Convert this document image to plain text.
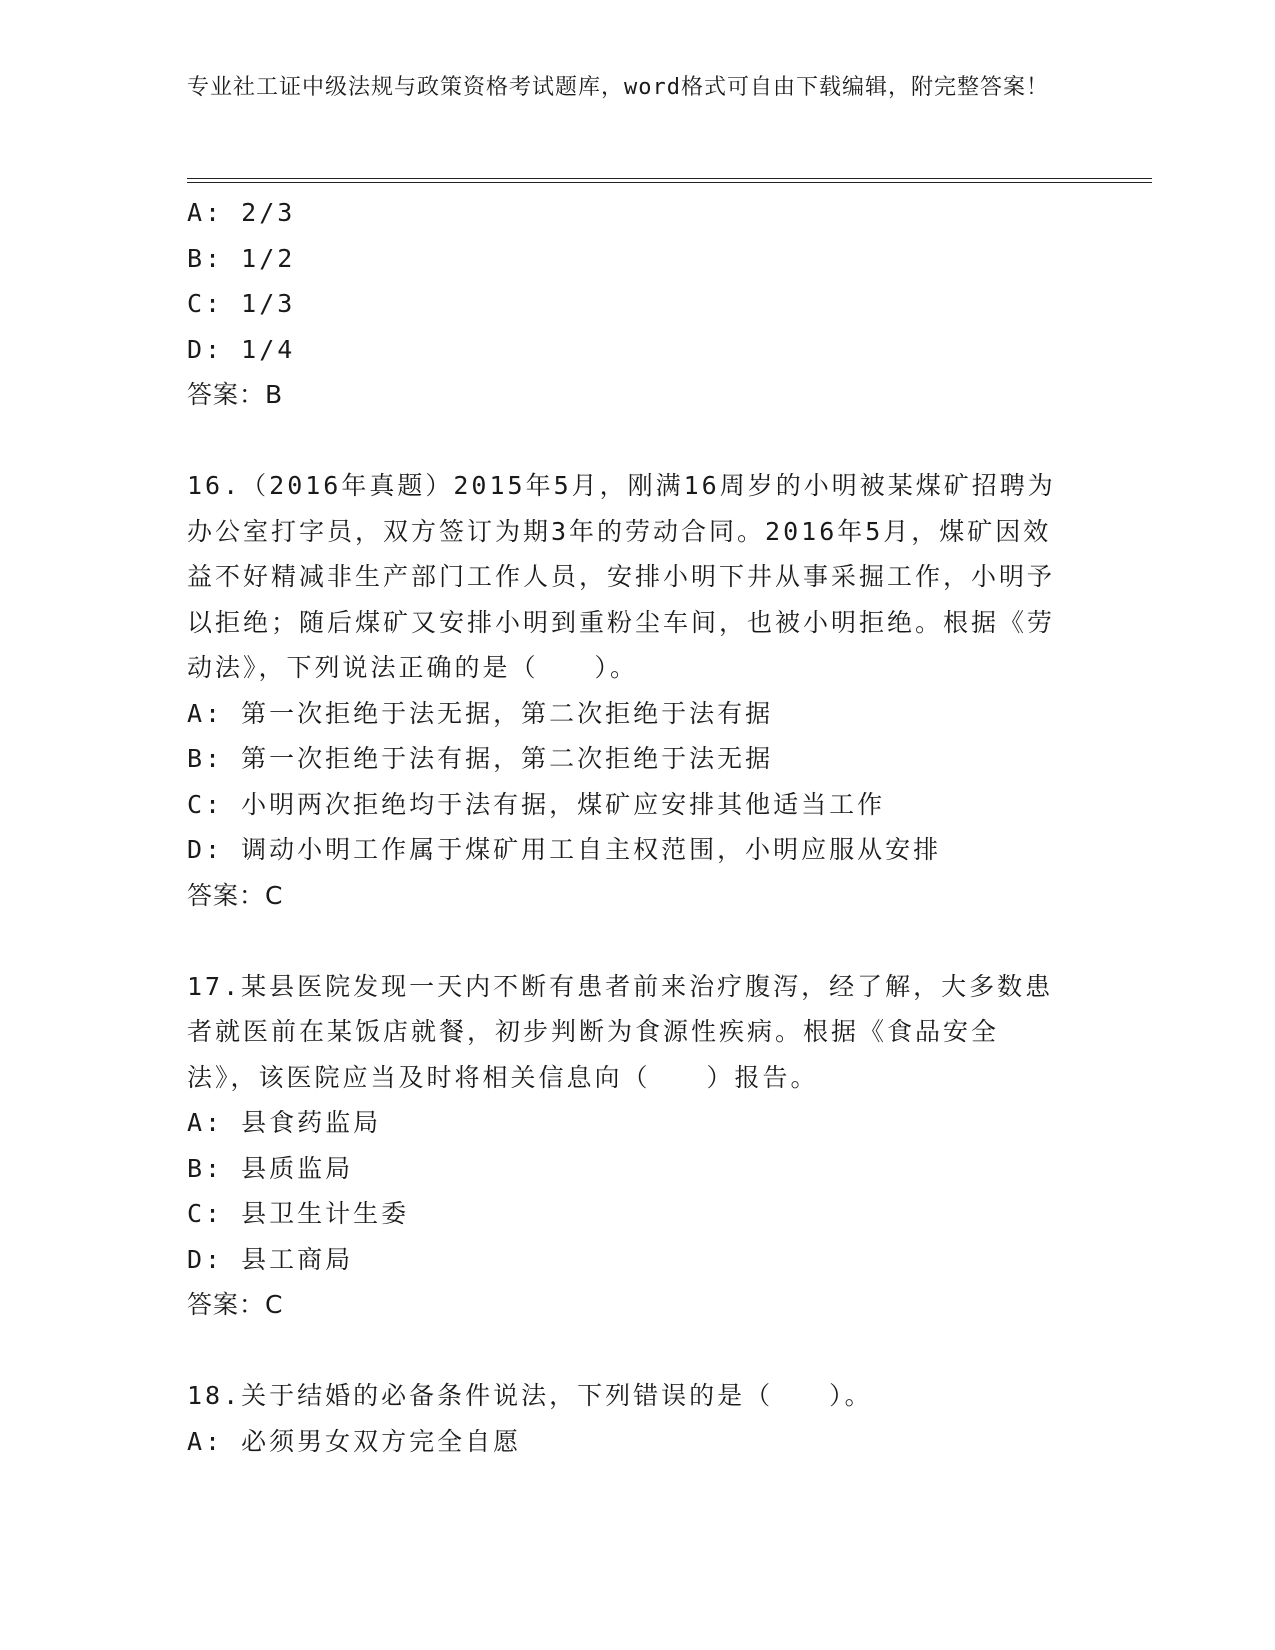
专业社工证中级法规与政策资格考试题库，word格式可自由下载编辑，附完整答案！
A: 2/3
B: 1/2
C: 1/3
D: 1/4
答案：B
16.（2016年真题）2015年5月，刚满16周岁的小明被某煤矿招聘为办公室打字员，双方签订为期3年的劳动合同。2016年5月，煤矿因效益不好精减非生产部门工作人员，安排小明下井从事采掘工作，小明予以拒绝；随后煤矿又安排小明到重粉尘车间，也被小明拒绝。根据《劳动法》，下列说法正确的是（　　）。
A: 第一次拒绝于法无据，第二次拒绝于法有据
B: 第一次拒绝于法有据，第二次拒绝于法无据
C: 小明两次拒绝均于法有据，煤矿应安排其他适当工作
D: 调动小明工作属于煤矿用工自主权范围，小明应服从安排
答案：C
17.某县医院发现一天内不断有患者前来治疗腹泻，经了解，大多数患者就医前在某饭店就餐，初步判断为食源性疾病。根据《食品安全法》，该医院应当及时将相关信息向（　　）报告。
A: 县食药监局
B: 县质监局
C: 县卫生计生委
D: 县工商局
答案：C
18.关于结婚的必备条件说法，下列错误的是（　　）。
A: 必须男女双方完全自愿
